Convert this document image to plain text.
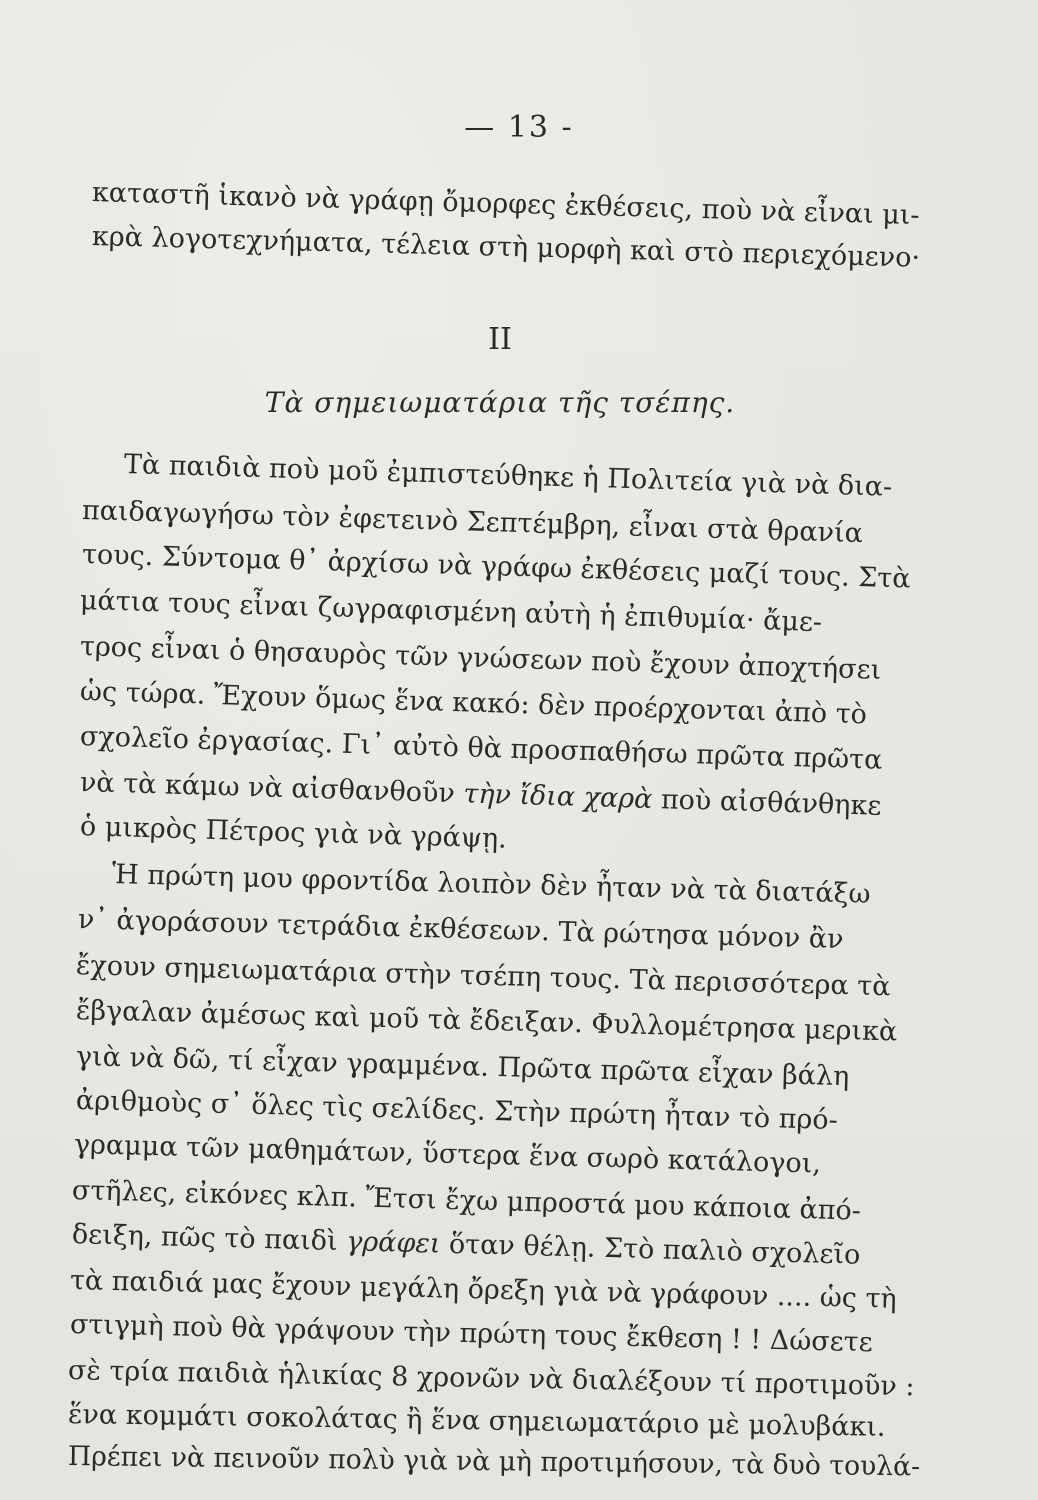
— 13 -
καταστῆ ἱκανὸ νὰ γράφῃ ὄμορφες ἐκθέσεις, ποὺ νὰ εἶναι μι-
κρὰ λογοτεχνήματα, τέλεια στὴ μορφὴ καὶ στὸ περιεχόμενο·
II
Τὰ σημειωματάρια τῆς τσέπης.
Τὰ παιδιὰ ποὺ μοῦ ἐμπιστεύθηκε ἡ Πολιτεία γιὰ νὰ δια-
παιδαγωγήσω τὸν ἐφετεινὸ Σεπτέμβρη, εἶναι στὰ θρανία
τους. Σύντομα θ᾿ ἀρχίσω νὰ γράφω ἐκθέσεις μαζί τους. Στὰ
μάτια τους εἶναι ζωγραφισμένη αὐτὴ ἡ ἐπιθυμία· ἄμε-
τρος εἶναι ὁ θησαυρὸς τῶν γνώσεων ποὺ ἔχουν ἀποχτήσει
ὡς τώρα. Ἔχουν ὅμως ἕνα κακό: δὲν προέρχονται ἀπὸ τὸ
σχολεῖο ἐργασίας. Γι᾿ αὐτὸ θὰ προσπαθήσω πρῶτα πρῶτα
νὰ τὰ κάμω νὰ αἰσθανθοῦν τὴν ἴδια χαρὰ ποὺ αἰσθάνθηκε
ὁ μικρὸς Πέτρος γιὰ νὰ γράψῃ.
Ἡ πρώτη μου φροντίδα λοιπὸν δὲν ἦταν νὰ τὰ διατάξω
ν᾿ ἀγοράσουν τετράδια ἐκθέσεων. Τὰ ρώτησα μόνον ἂν
ἔχουν σημειωματάρια στὴν τσέπη τους. Τὰ περισσότερα τὰ
ἔβγαλαν ἀμέσως καὶ μοῦ τὰ ἔδειξαν. Φυλλομέτρησα μερικὰ
γιὰ νὰ δῶ, τί εἶχαν γραμμένα. Πρῶτα πρῶτα εἶχαν βάλη
ἀριθμοὺς σ᾿ ὅλες τὶς σελίδες. Στὴν πρώτη ἦταν τὸ πρό-
γραμμα τῶν μαθημάτων, ὕστερα ἕνα σωρὸ κατάλογοι,
στῆλες, εἰκόνες κλπ. Ἔτσι ἔχω μπροστά μου κάποια ἀπό-
δειξη, πῶς τὸ παιδὶ γράφει ὅταν θέλῃ. Στὸ παλιὸ σχολεῖο
τὰ παιδιά μας ἔχουν μεγάλη ὄρεξη γιὰ νὰ γράφουν .... ὡς τὴ
στιγμὴ ποὺ θὰ γράψουν τὴν πρώτη τους ἔκθεση ! ! Δώσετε
σὲ τρία παιδιὰ ἡλικίας 8 χρονῶν νὰ διαλέξουν τί προτιμοῦν :
ἕνα κομμάτι σοκολάτας ἢ ἕνα σημειωματάριο μὲ μολυβάκι.
Πρέπει νὰ πεινοῦν πολὺ γιὰ νὰ μὴ προτιμήσουν, τὰ δυὸ τουλά-
